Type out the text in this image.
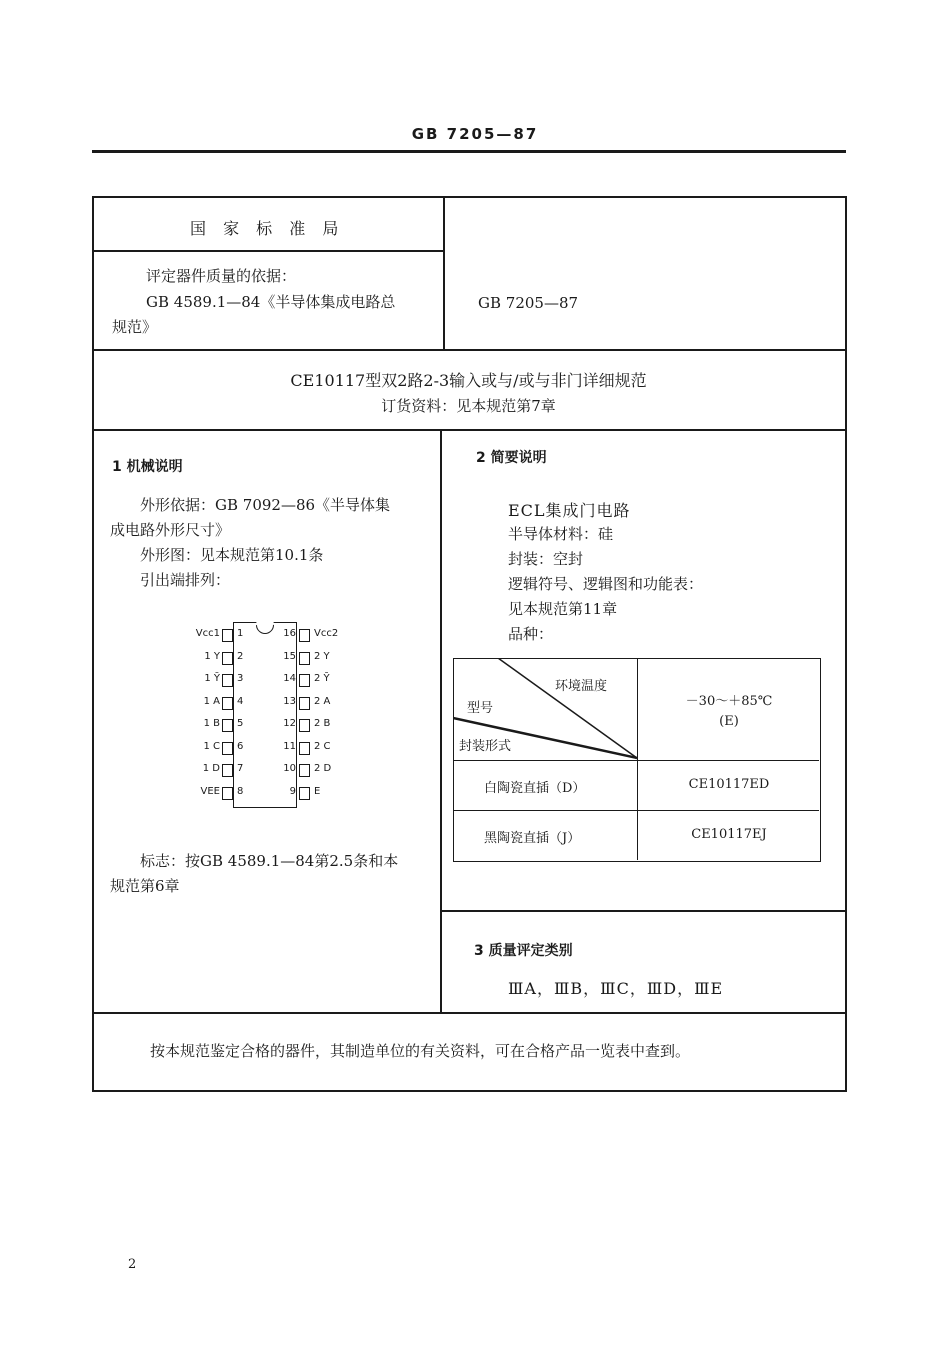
GB 7205—87
国 家 标 准 局
评定器件质量的依据：
GB 4589.1—84《半导体集成电路总
规范》
GB 7205—87
CE10117型双2路2-3输入或与/或与非门详细规范
订货资料：见本规范第7章
1 机械说明
外形依据：GB 7092—86《半导体集
成电路外形尺寸》
外形图：见本规范第10.1条
引出端排列：
Vcc1 1
1 Y 2
1 Ȳ 3
1 A 4
1 B 5
1 C 6
1 D 7
VEE 8
16 Vcc2
15 2 Y
14 2 Ȳ
13 2 A
12 2 B
11 2 C
10 2 D
9 E
标志：按GB 4589.1—84第2.5条和本
规范第6章
2 简要说明
ECL集成门电路
半导体材料：硅
封装：空封
逻辑符号、逻辑图和功能表：
见本规范第11章
品种：
环境温度
型号
封装形式
－30～＋85℃
(E)
白陶瓷直插（D）	CE10117ED
黑陶瓷直插（J）	CE10117EJ
3 质量评定类别
ⅢA，ⅢB，ⅢC，ⅢD，ⅢE
按本规范鉴定合格的器件，其制造单位的有关资料，可在合格产品一览表中查到。
2
